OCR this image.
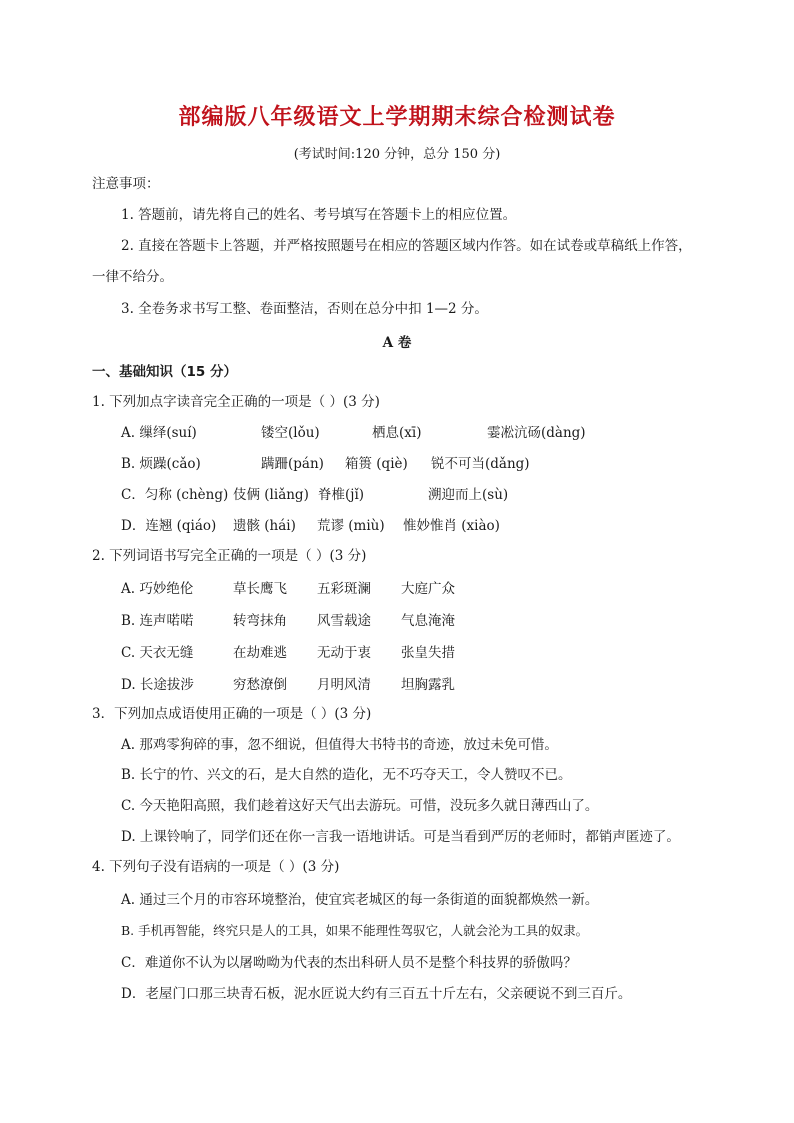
部编版八年级语文上学期期末综合检测试卷
(考试时间:120 分钟，总分 150 分)
注意事项：
1. 答题前，请先将自己的姓名、考号填写在答题卡上的相应位置。
2. 直接在答题卡上答题，并严格按照题号在相应的答题区域内作答。如在试卷或草稿纸上作答，
一律不给分。
3. 全卷务求书写工整、卷面整洁，否则在总分中扣 1—2 分。
A 卷
一、基础知识（15 分）
1. 下列加点字读音完全正确的一项是（ ）(3 分)
A. 缫绎(suí)	镂空(lǒu)	栖息(xī)	霎凇沆砀(dàng)
B. 烦躁(cǎo)	蹒跚(pán) 箱篑 (qiè) 锐不可当(dǎng)
C．匀称 (chèng) 伎俩 (liǎng) 脊椎(jǐ)	溯迎而上(sù)
D．连翘 (qiáo) 遗骸 (hái) 荒谬 (miù) 惟妙惟肖 (xiào)
2. 下列词语书写完全正确的一项是（ ）(3 分)
A. 巧妙绝伦	草长鹰飞 五彩斑澜 大庭广众
B. 连声喏喏	转弯抹角 风雪载途 气息淹淹
C. 天衣无缝	在劫难逃 无动于衷 张皇失措
D. 长途拔涉	穷愁潦倒 月明风清 坦胸露乳
3．下列加点成语使用正确的一项是（ ）(3 分)
A. 那鸡零狗碎的事，忽不细说，但值得大书特书的奇迹，放过未免可惜。
B. 长宁的竹、兴文的石，是大自然的造化，无不巧夺天工，令人赞叹不已。
C. 今天艳阳高照，我们趁着这好天气出去游玩。可惜，没玩多久就日薄西山了。
D. 上课铃响了，同学们还在你一言我一语地讲话。可是当看到严厉的老师时，都销声匿迹了。
4. 下列句子没有语病的一项是（ ）(3 分)
A. 通过三个月的市容环境整治，使宜宾老城区的每一条街道的面貌都焕然一新。
B. 手机再智能，终究只是人的工具，如果不能理性驾驭它，人就会沦为工具的奴隶。
C．难道你不认为以屠呦呦为代表的杰出科研人员不是整个科技界的骄傲吗？
D．老屋门口那三块青石板，泥水匠说大约有三百五十斤左右，父亲硬说不到三百斤。
